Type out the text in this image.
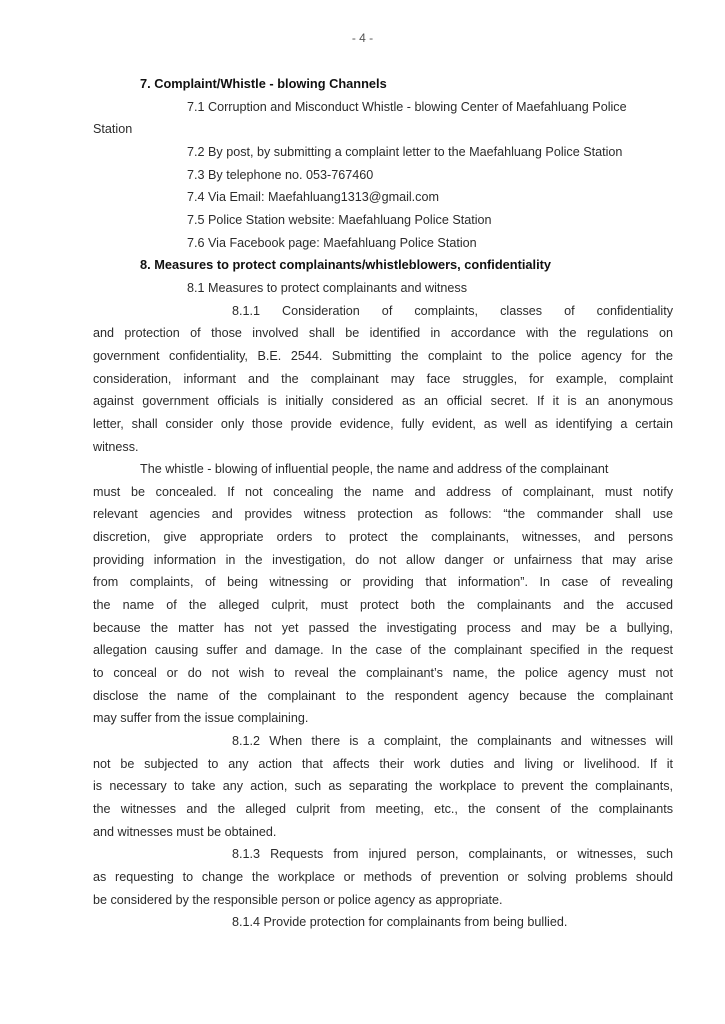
- 4 -
7. Complaint/Whistle - blowing Channels
7.1 Corruption and Misconduct Whistle - blowing Center of Maefahluang Police
Station
7.2 By post, by submitting a complaint letter to the Maefahluang Police Station
7.3 By telephone no. 053-767460
7.4 Via Email: Maefahluang1313@gmail.com
7.5 Police Station website: Maefahluang Police Station
7.6 Via Facebook page: Maefahluang Police Station
8. Measures to protect complainants/whistleblowers, confidentiality
8.1 Measures to protect complainants and witness
8.1.1 Consideration of complaints, classes of confidentiality
and protection of those involved shall be identified in accordance with the regulations on
government confidentiality, B.E. 2544. Submitting the complaint to the police agency for the
consideration, informant and the complainant may face struggles, for example, complaint
against government officials is initially considered as an official secret. If it is an anonymous
letter, shall consider only those provide evidence, fully evident, as well as identifying a certain
witness.
The whistle - blowing of influential people, the name and address of the complainant
must be concealed. If not concealing the name and address of complainant, must notify
relevant agencies and provides witness protection as follows: “the commander shall use
discretion, give appropriate orders to protect the complainants, witnesses, and persons
providing information in the investigation, do not allow danger or unfairness that may arise
from complaints, of being witnessing or providing that information”. In case of revealing
the name of the alleged culprit, must protect both the complainants and the accused
because the matter has not yet passed the investigating process and may be a bullying,
allegation causing suffer and damage. In the case of the complainant specified in the request
to conceal or do not wish to reveal the complainant’s name, the police agency must not
disclose the name of the complainant to the respondent agency because the complainant
may suffer from the issue complaining.
8.1.2 When there is a complaint, the complainants and witnesses will
not be subjected to any action that affects their work duties and living or livelihood. If it
is necessary to take any action, such as separating the workplace to prevent the complainants,
the witnesses and the alleged culprit from meeting, etc., the consent of the complainants
and witnesses must be obtained.
8.1.3 Requests from injured person, complainants, or witnesses, such
as requesting to change the workplace or methods of prevention or solving problems should
be considered by the responsible person or police agency as appropriate.
8.1.4 Provide protection for complainants from being bullied.
